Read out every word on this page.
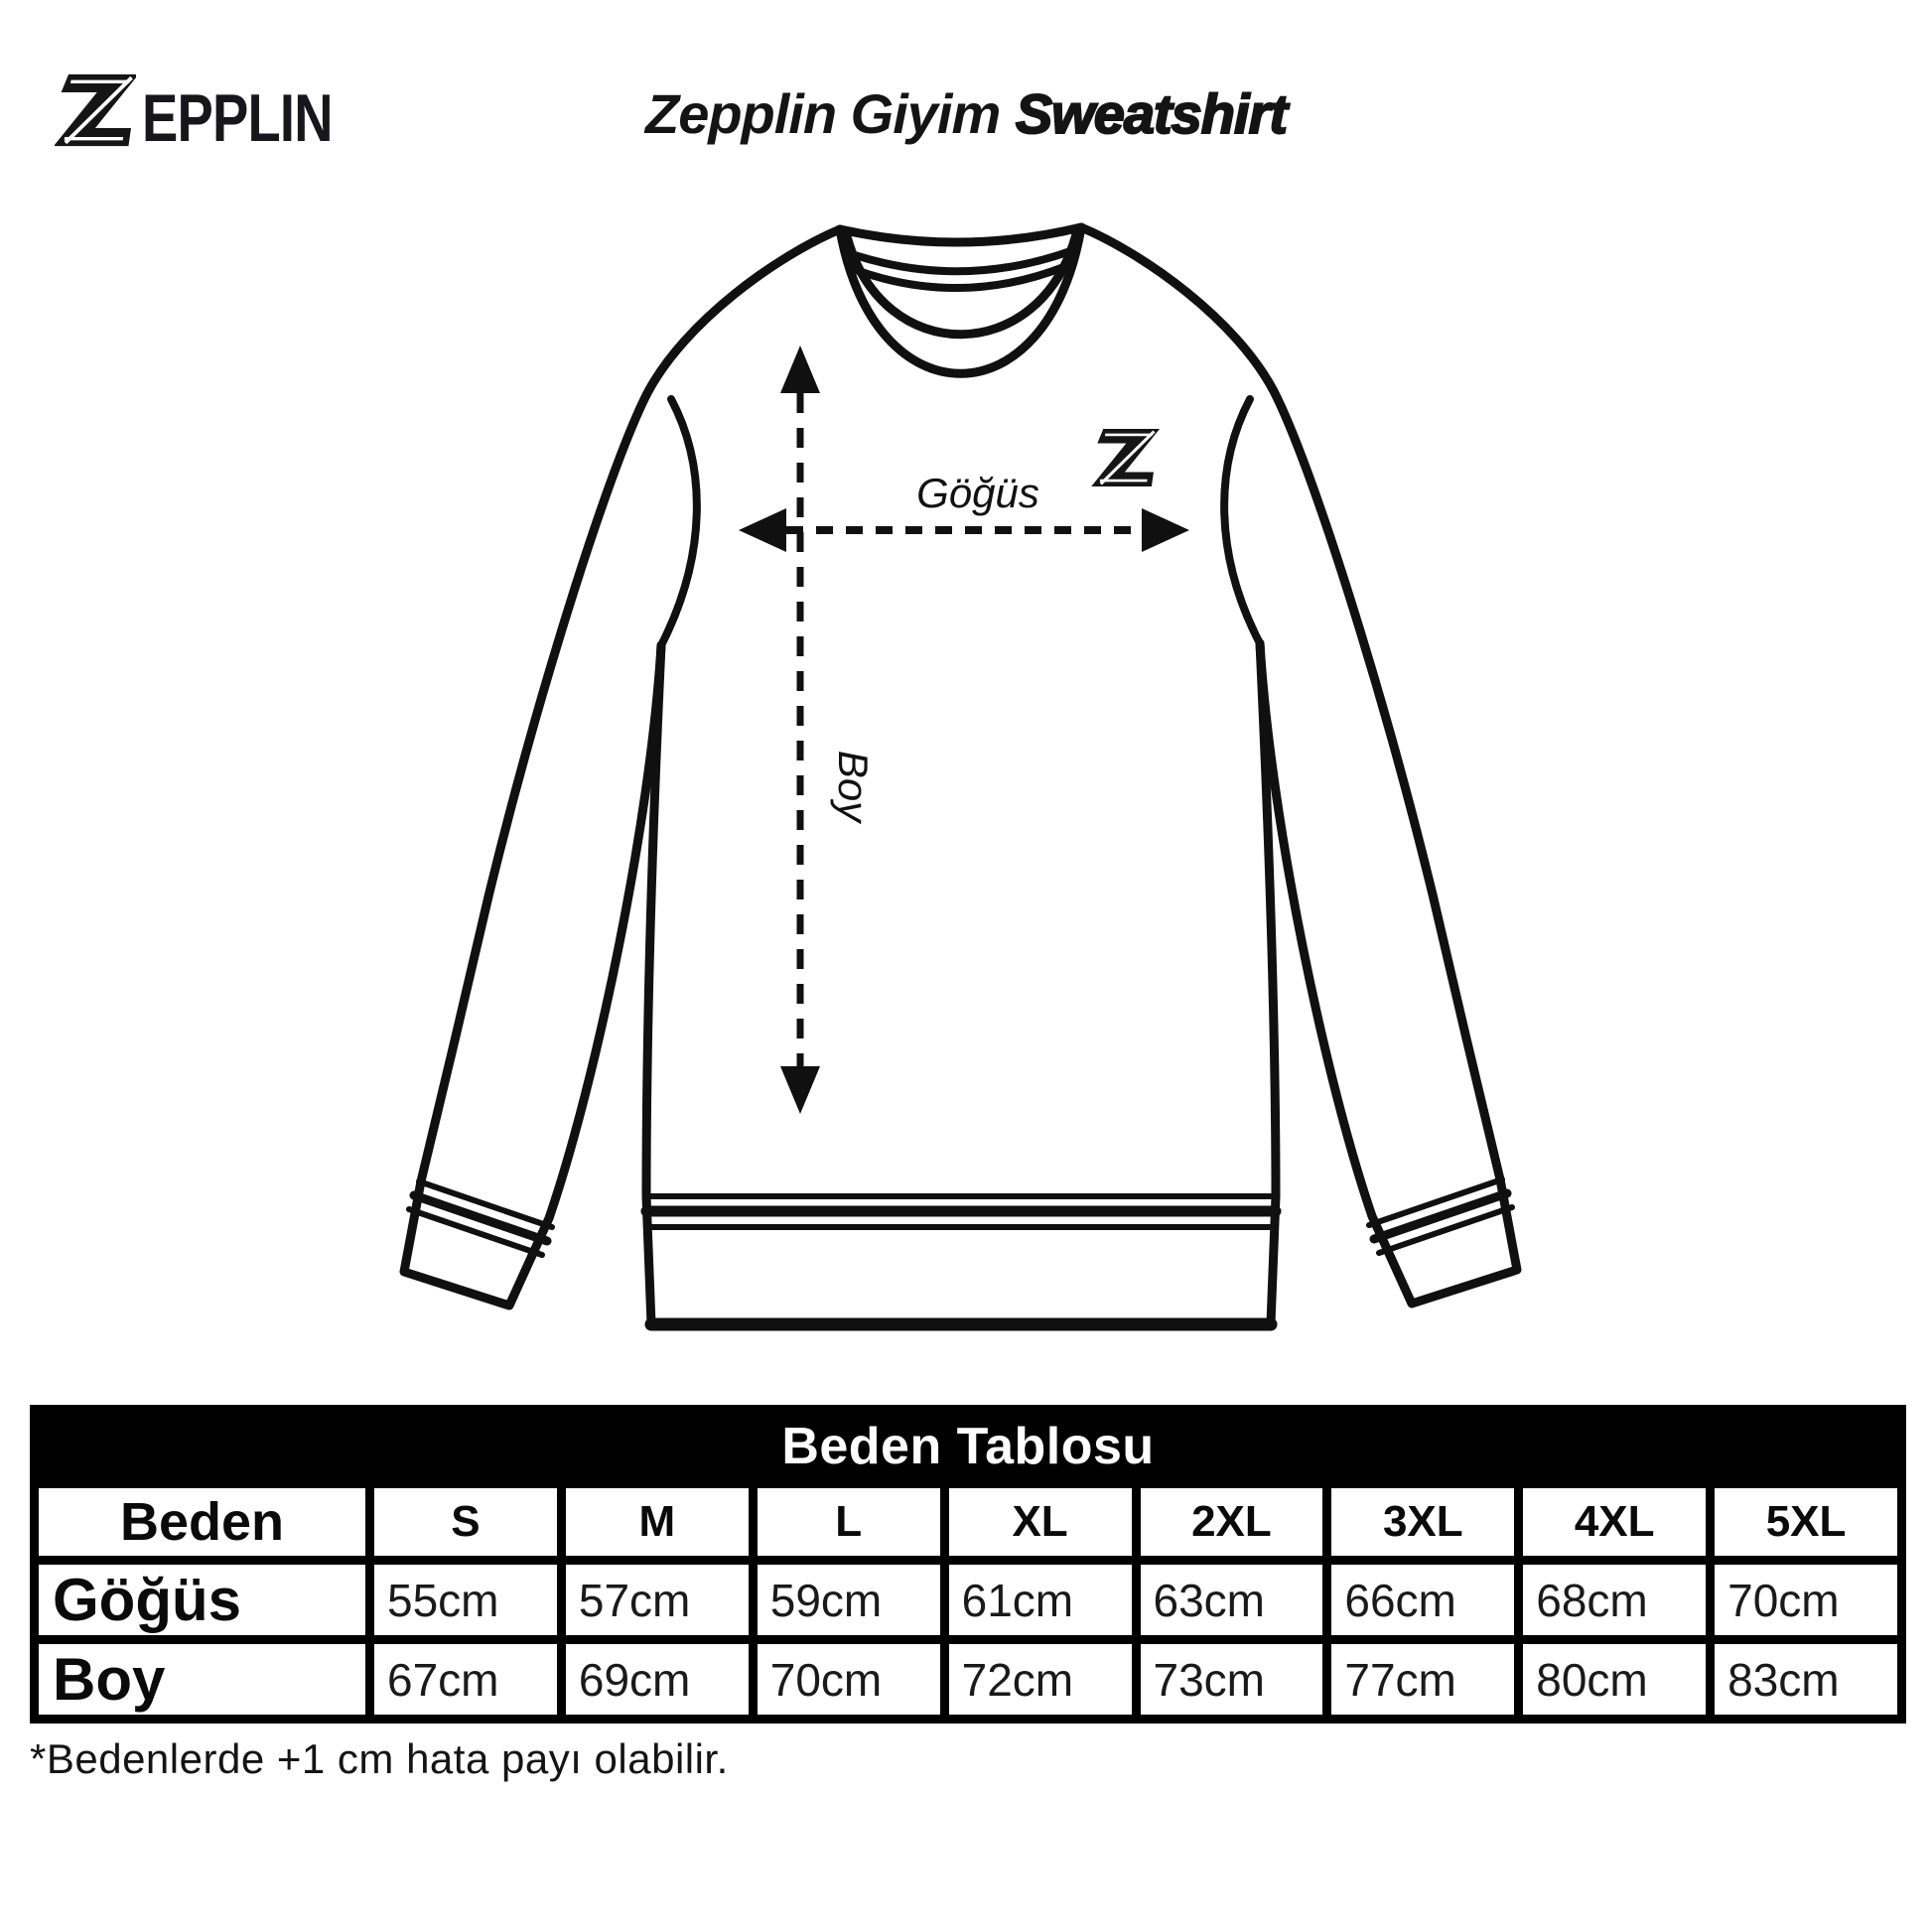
EPPLIN	Zepplin Giyim Sweatshirt
Göğüs
Boy
Beden Tablosu								
Beden	S	M	L	XL	2XL	3XL	4XL	5XL
Göğüs	55cm	57cm	59cm	61cm	63cm	66cm	68cm	70cm
Boy	67cm	69cm	70cm	72cm	73cm	77cm	80cm	83cm

*Bedenlerde +1 cm hata payı olabilir.
